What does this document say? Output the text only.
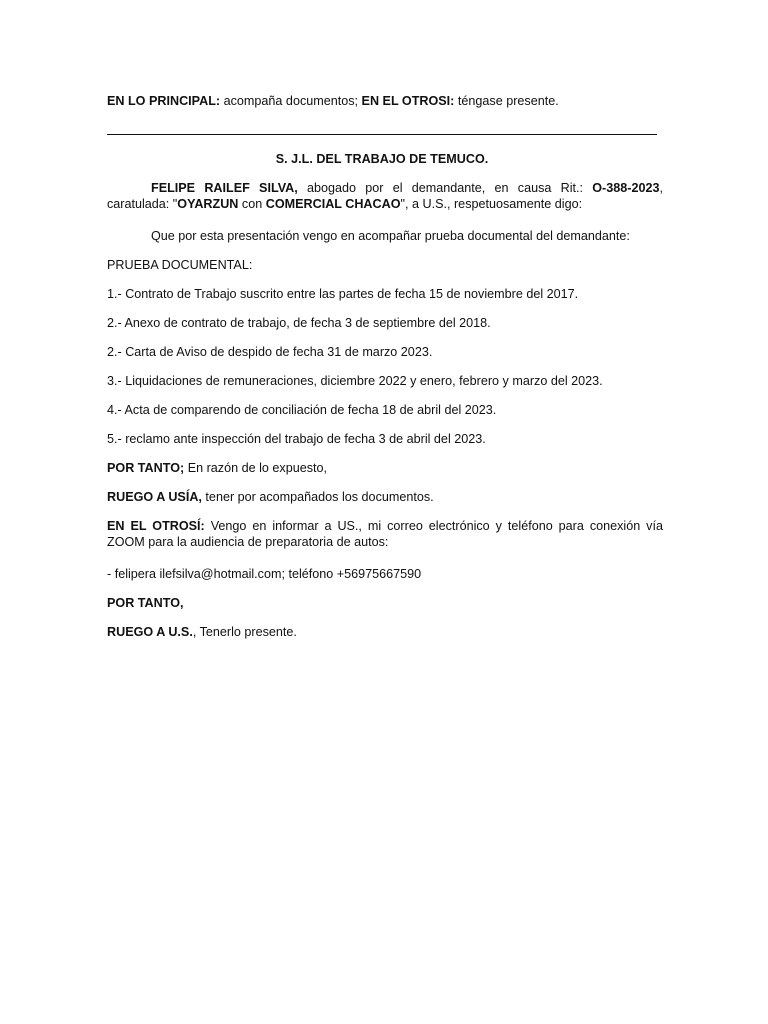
EN LO PRINCIPAL: acompaña documentos; EN EL OTROSI: téngase presente.
S. J.L. DEL TRABAJO DE TEMUCO.
FELIPE RAILEF SILVA, abogado por el demandante, en causa Rit.: O-388-2023, caratulada: "OYARZUN con COMERCIAL CHACAO", a U.S., respetuosamente digo:
Que por esta presentación vengo en acompañar prueba documental del demandante:
PRUEBA DOCUMENTAL:
1.- Contrato de Trabajo suscrito entre las partes de fecha 15 de noviembre del 2017.
2.- Anexo de contrato de trabajo, de fecha 3 de septiembre del 2018.
2.- Carta de Aviso de despido de fecha 31 de marzo 2023.
3.- Liquidaciones de remuneraciones, diciembre 2022 y enero, febrero y marzo del 2023.
4.- Acta de comparendo de conciliación de fecha 18 de abril del 2023.
5.- reclamo ante inspección del trabajo de fecha 3 de abril del 2023.
POR TANTO; En razón de lo expuesto,
RUEGO A USÍA, tener por acompañados los documentos.
EN EL OTROSÍ: Vengo en informar a US., mi correo electrónico y teléfono para conexión vía ZOOM para la audiencia de preparatoria de autos:
- felipera ilefsilva@hotmail.com; teléfono +56975667590
POR TANTO,
RUEGO A U.S., Tenerlo presente.
